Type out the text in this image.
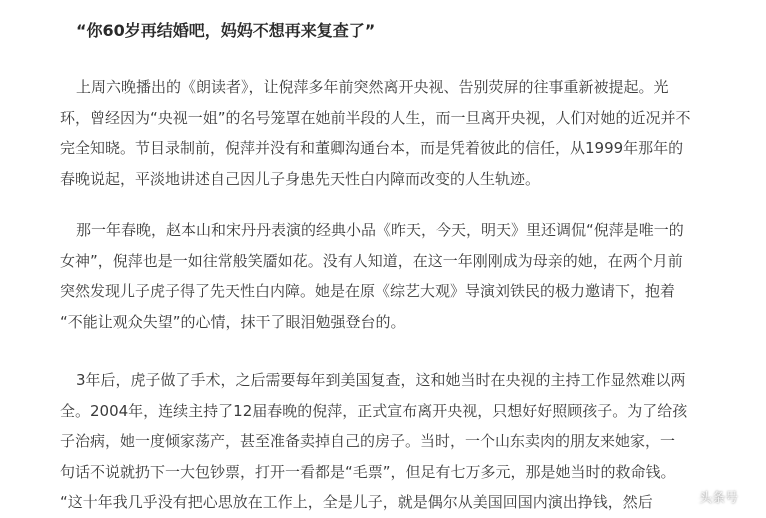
“你60岁再结婚吧，妈妈不想再来复查了”
上周六晚播出的《朗读者》，让倪萍多年前突然离开央视、告别荧屏的往事重新被提起。光
环，曾经因为“央视一姐”的名号笼罩在她前半段的人生，而一旦离开央视，人们对她的近况并不
完全知晓。节目录制前，倪萍并没有和董卿沟通台本，而是凭着彼此的信任，从1999年那年的
春晚说起，平淡地讲述自己因儿子身患先天性白内障而改变的人生轨迹。
那一年春晚，赵本山和宋丹丹表演的经典小品《昨天，今天，明天》里还调侃“倪萍是唯一的
女神”，倪萍也是一如往常般笑靥如花。没有人知道，在这一年刚刚成为母亲的她，在两个月前
突然发现儿子虎子得了先天性白内障。她是在原《综艺大观》导演刘铁民的极力邀请下，抱着
“不能让观众失望”的心情，抹干了眼泪勉强登台的。
3年后，虎子做了手术，之后需要每年到美国复查，这和她当时在央视的主持工作显然难以两
全。2004年，连续主持了12届春晚的倪萍，正式宣布离开央视，只想好好照顾孩子。为了给孩
子治病，她一度倾家荡产，甚至准备卖掉自己的房子。当时，一个山东卖肉的朋友来她家，一
句话不说就扔下一大包钞票，打开一看都是“毛票”，但足有七万多元，那是她当时的救命钱。
“这十年我几乎没有把心思放在工作上，全是儿子，就是偶尔从美国回国内演出挣钱，然后	头条号
